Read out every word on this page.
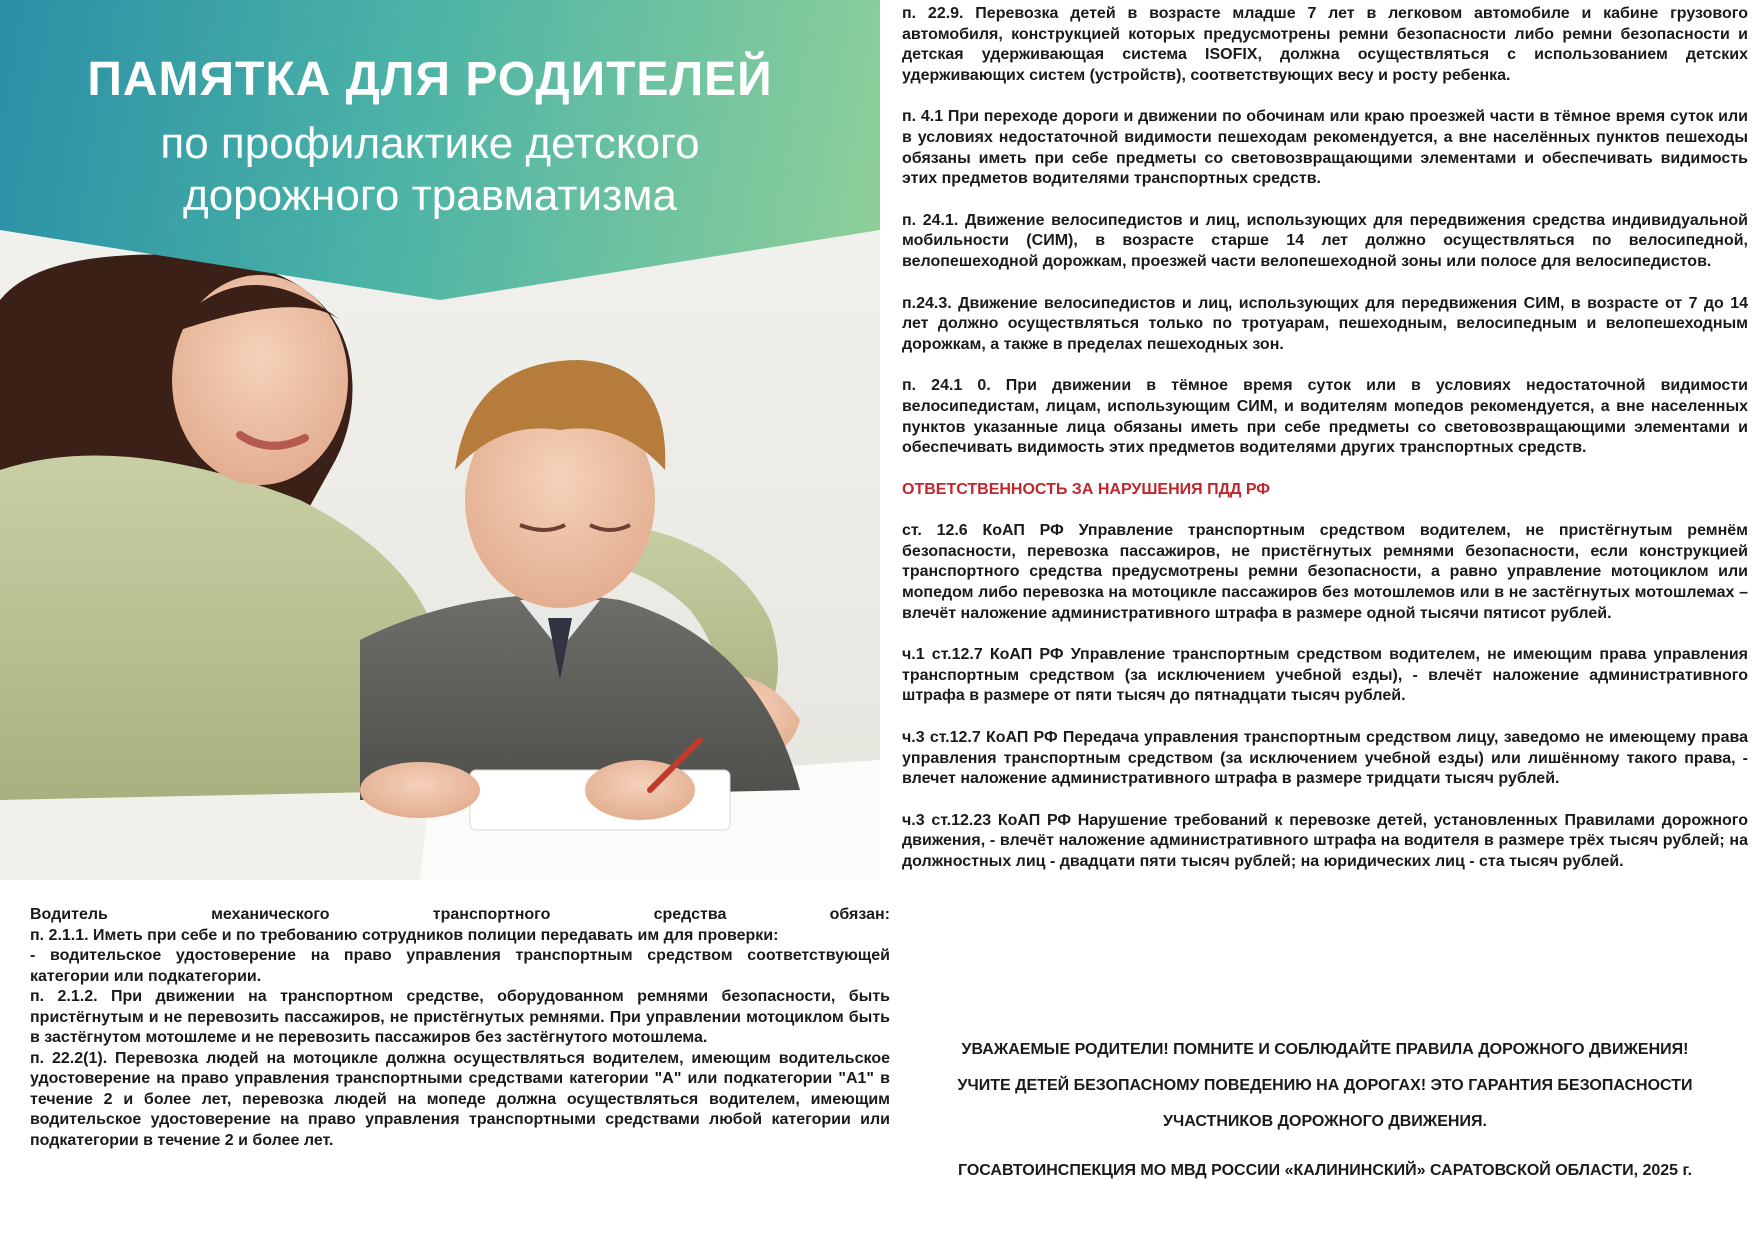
ПАМЯТКА ДЛЯ РОДИТЕЛЕЙ
по профилактике детского
дорожного травматизма

Водитель механического транспортного средства обязан:

п. 2.1.1. Иметь при себе и по требованию сотрудников полиции передавать им для проверки:

- водительское удостоверение на право управления транспортным средством соответствующей категории или подкатегории.

п. 2.1.2. При движении на транспортном средстве, оборудованном ремнями безопасности, быть пристёгнутым и не перевозить пассажиров, не пристёгнутых ремнями. При управлении мотоциклом быть в застёгнутом мотошлеме и не перевозить пассажиров без застёгнутого мотошлема.

п. 22.2(1). Перевозка людей на мотоцикле должна осуществляться водителем, имеющим водительское удостоверение на право управления транспортными средствами категории "А" или подкатегории "А1" в течение 2 и более лет, перевозка людей на мопеде должна осуществляться водителем, имеющим водительское удостоверение на право управления транспортными средствами любой категории или подкатегории в течение 2 и более лет.

п. 22.9. Перевозка детей в возрасте младше 7 лет в легковом автомобиле и кабине грузового автомобиля, конструкцией которых предусмотрены ремни безопасности либо ремни безопасности и детская удерживающая система ISOFIX, должна осуществляться с использованием детских удерживающих систем (устройств), соответствующих весу и росту ребенка.

п. 4.1 При переходе дороги и движении по обочинам или краю проезжей части в тёмное время суток или в условиях недостаточной видимости пешеходам рекомендуется, а вне населённых пунктов пешеходы обязаны иметь при себе предметы со световозвращающими элементами и обеспечивать видимость этих предметов водителями транспортных средств.

п. 24.1. Движение велосипедистов и лиц, использующих для передвижения средства индивидуальной мобильности (СИМ), в возрасте старше 14 лет должно осуществляться по велосипедной, велопешеходной дорожкам, проезжей части велопешеходной зоны или полосе для велосипедистов.

п.24.3. Движение велосипедистов и лиц, использующих для передвижения СИМ, в возрасте от 7 до 14 лет должно осуществляться только по тротуарам, пешеходным, велосипедным и велопешеходным дорожкам, а также в пределах пешеходных зон.

п. 24.1 0. При движении в тёмное время суток или в условиях недостаточной видимости велосипедистам, лицам, использующим СИМ, и водителям мопедов рекомендуется, а вне населенных пунктов указанные лица обязаны иметь при себе предметы со световозвращающими элементами и обеспечивать видимость этих предметов водителями других транспортных средств.

ОТВЕТСТВЕННОСТЬ ЗА НАРУШЕНИЯ ПДД РФ

ст. 12.6 КоАП РФ Управление транспортным средством водителем, не пристёгнутым ремнём безопасности, перевозка пассажиров, не пристёгнутых ремнями безопасности, если конструкцией транспортного средства предусмотрены ремни безопасности, а равно управление мотоциклом или мопедом либо перевозка на мотоцикле пассажиров без мотошлемов или в не застёгнутых мотошлемах – влечёт наложение административного штрафа в размере одной тысячи пятисот рублей.

ч.1 ст.12.7 КоАП РФ Управление транспортным средством водителем, не имеющим права управления транспортным средством (за исключением учебной езды), - влечёт наложение административного штрафа в размере от пяти тысяч до пятнадцати тысяч рублей.

ч.3 ст.12.7 КоАП РФ Передача управления транспортным средством лицу, заведомо не имеющему права управления транспортным средством (за исключением учебной езды) или лишённому такого права, - влечет наложение административного штрафа в размере тридцати тысяч рублей.

ч.3 ст.12.23 КоАП РФ Нарушение требований к перевозке детей, установленных Правилами дорожного движения, - влечёт наложение административного штрафа на водителя в размере трёх тысяч рублей; на должностных лиц - двадцати пяти тысяч рублей; на юридических лиц - ста тысяч рублей.

УВАЖАЕМЫЕ РОДИТЕЛИ! ПОМНИТЕ И СОБЛЮДАЙТЕ ПРАВИЛА ДОРОЖНОГО ДВИЖЕНИЯ!
УЧИТЕ ДЕТЕЙ БЕЗОПАСНОМУ ПОВЕДЕНИЮ НА ДОРОГАХ! ЭТО ГАРАНТИЯ БЕЗОПАСНОСТИ
УЧАСТНИКОВ ДОРОЖНОГО ДВИЖЕНИЯ.
ГОСАВТОИНСПЕКЦИЯ МО МВД РОССИИ «КАЛИНИНСКИЙ» САРАТОВСКОЙ ОБЛАСТИ, 2025 г.
